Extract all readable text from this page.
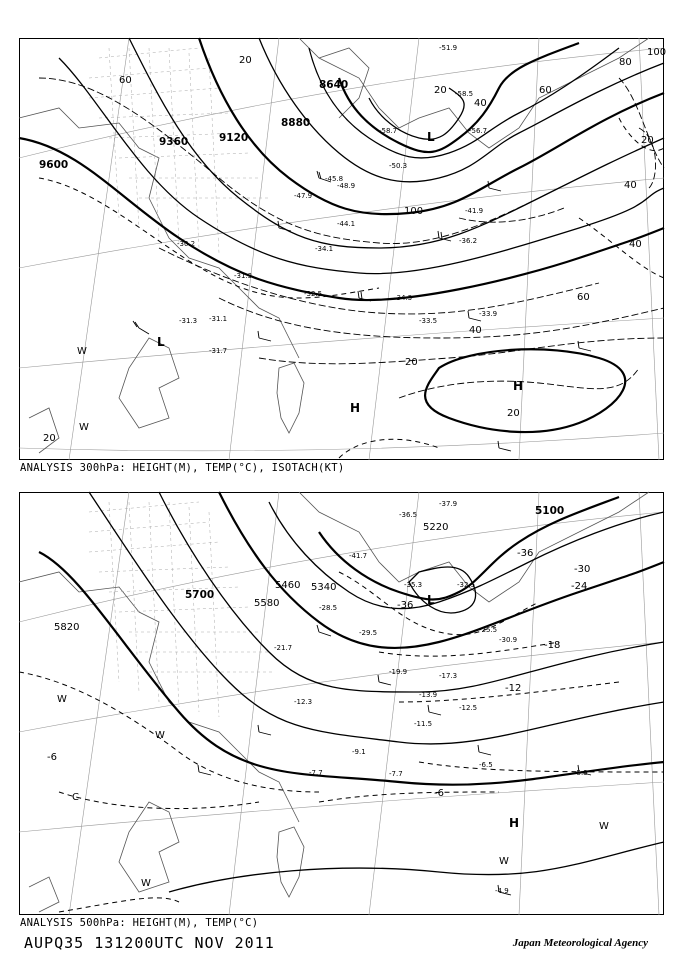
9600
9360	9120
8880
8640
60
20
100
40
20
60
40
20
20
20
80
100
20
40
40
60
L
H
H
L
W
W
-45.8
-47.9
-48.9
-50.3
-44.1
-41.9
-36.2
-34.1
-31.3
-30.2
-32.5
-33.9
-34.3
-33.5
-31.7
-31.1
-31.3
-58.7	-56.7
-51.9
-58.5
ANALYSIS 300hPa: HEIGHT(M), TEMP(°C), ISOTACH(KT)
5100
5220
5340
5460
5580
5700
5820
-36
-30
-24
-18
-12
-6
-6
-36 L
H
W
W
W
W
C
W
-37.9
-36.5
-41.7
-35.3	-32.5
-30.9
-28.5
-29.5	-25.5
-21.7
-19.9	-17.3
-13.9
-12.5
-12.3
-11.5
-9.1
-7.7	-7.7
-6.5
-5.3
-4.9
ANALYSIS 500hPa: HEIGHT(M), TEMP(°C)
AUPQ35 131200UTC NOV 2011	Japan Meteorological Agency
